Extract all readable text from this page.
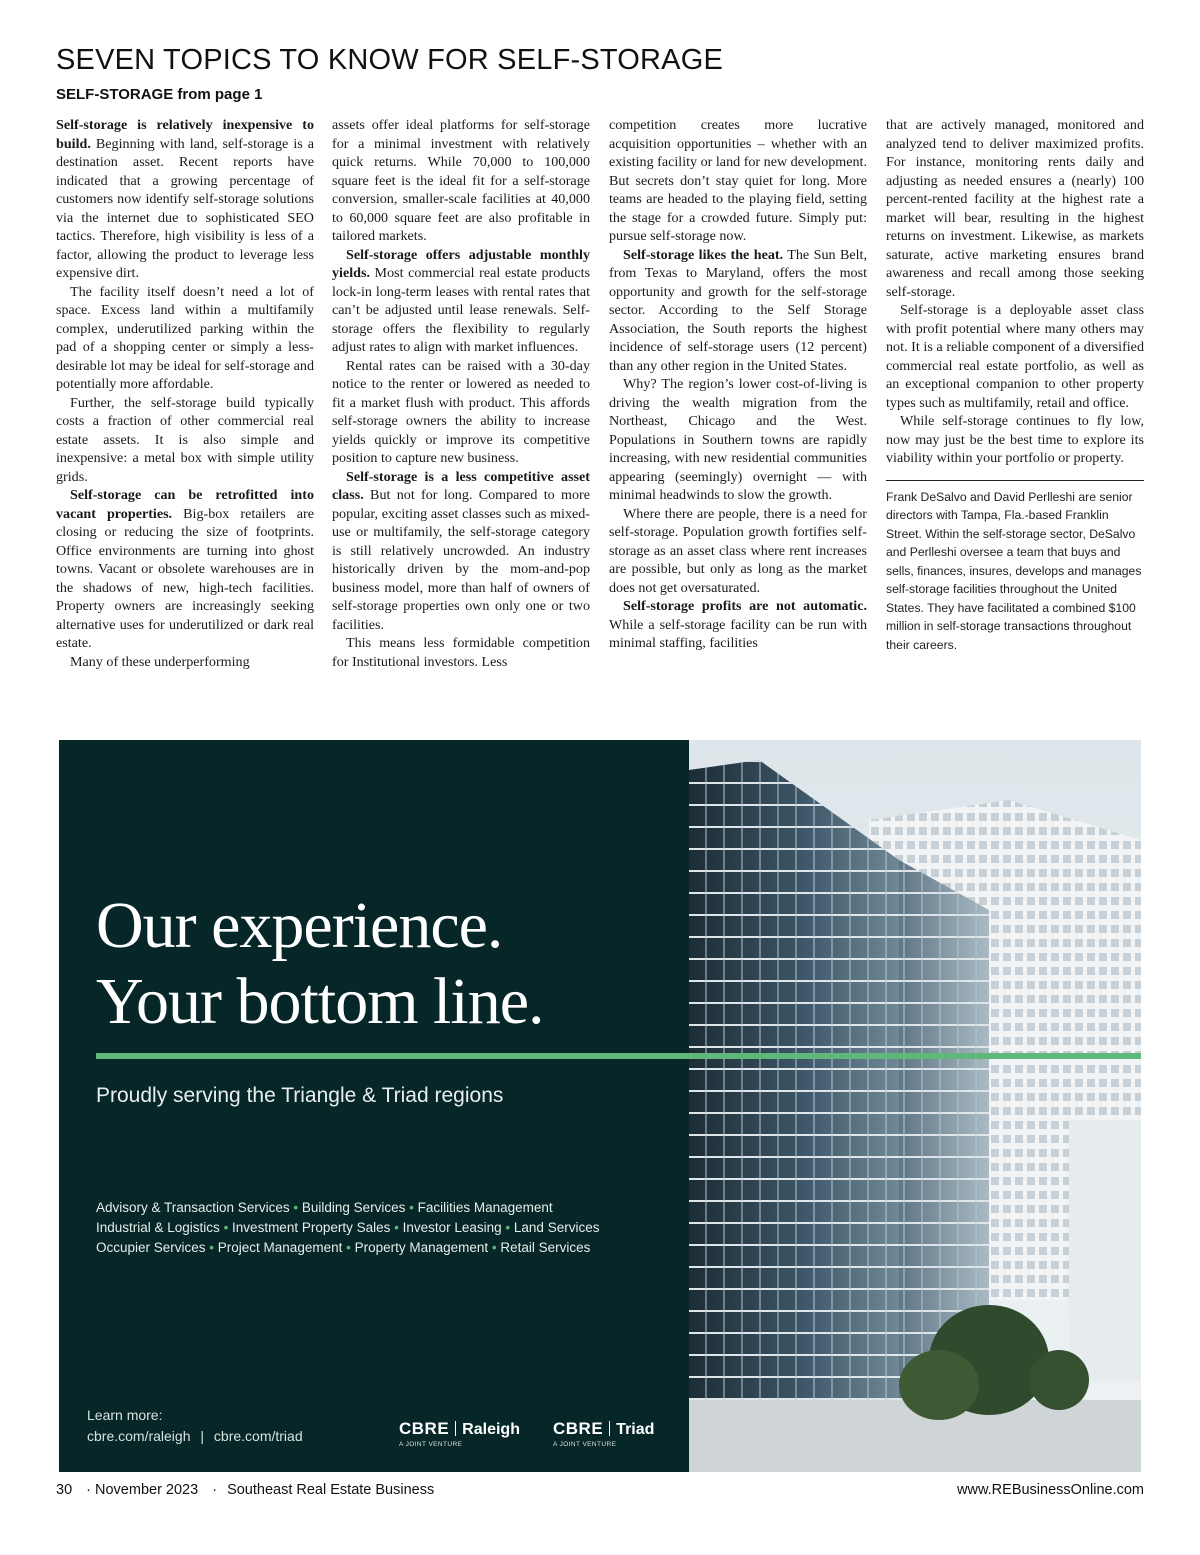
SEVEN TOPICS TO KNOW FOR SELF-STORAGE
SELF-STORAGE from page 1

Self-storage is relatively inexpensive to build. Beginning with land, self-storage is a destination asset. Recent reports have indicated that a growing percentage of customers now identify self-storage solutions via the internet due to sophisticated SEO tactics. Therefore, high visibility is less of a factor, allowing the product to leverage less expensive dirt.

The facility itself doesn’t need a lot of space. Excess land within a multifamily complex, underutilized parking within the pad of a shopping center or simply a less-desirable lot may be ideal for self-storage and potentially more affordable.

Further, the self-storage build typically costs a fraction of other commercial real estate assets. It is also simple and inexpensive: a metal box with simple utility grids.

Self-storage can be retrofitted into vacant properties. Big-box retailers are closing or reducing the size of footprints. Office environments are turning into ghost towns. Vacant or obsolete warehouses are in the shadows of new, high-tech facilities. Property owners are increasingly seeking alternative uses for underutilized or dark real estate.

Many of these underperforming

assets offer ideal platforms for self-storage for a minimal investment with relatively quick returns. While 70,000 to 100,000 square feet is the ideal fit for a self-storage conversion, smaller-scale facilities at 40,000 to 60,000 square feet are also profitable in tailored markets.

Self-storage offers adjustable monthly yields. Most commercial real estate products lock-in long-term leases with rental rates that can’t be adjusted until lease renewals. Self-storage offers the flexibility to regularly adjust rates to align with market influences.

Rental rates can be raised with a 30-day notice to the renter or lowered as needed to fit a market flush with product. This affords self-storage owners the ability to increase yields quickly or improve its competitive position to capture new business.

Self-storage is a less competitive asset class. But not for long. Compared to more popular, exciting asset classes such as mixed-use or multifamily, the self-storage category is still relatively uncrowded. An industry historically driven by the mom-and-pop business model, more than half of owners of self-storage properties own only one or two facilities.

This means less formidable competition for Institutional investors. Less

competition creates more lucrative acquisition opportunities – whether with an existing facility or land for new development. But secrets don’t stay quiet for long. More teams are headed to the playing field, setting the stage for a crowded future. Simply put: pursue self-storage now.

Self-storage likes the heat. The Sun Belt, from Texas to Maryland, offers the most opportunity and growth for the self-storage sector. According to the Self Storage Association, the South reports the highest incidence of self-storage users (12 percent) than any other region in the United States.

Why? The region’s lower cost-of-living is driving the wealth migration from the Northeast, Chicago and the West. Populations in Southern towns are rapidly increasing, with new residential communities appearing (seemingly) overnight — with minimal headwinds to slow the growth.

Where there are people, there is a need for self-storage. Population growth fortifies self-storage as an asset class where rent increases are possible, but only as long as the market does not get oversaturated.

Self-storage profits are not automatic. While a self-storage facility can be run with minimal staffing, facilities

that are actively managed, monitored and analyzed tend to deliver maximized profits. For instance, monitoring rents daily and adjusting as needed ensures a (nearly) 100 percent-rented facility at the highest rate a market will bear, resulting in the highest returns on investment. Likewise, as markets saturate, active marketing ensures brand awareness and recall among those seeking self-storage.

Self-storage is a deployable asset class with profit potential where many others may not. It is a reliable component of a diversified commercial real estate portfolio, as well as an exceptional companion to other property types such as multifamily, retail and office.

While self-storage continues to fly low, now may just be the best time to explore its viability within your portfolio or property.

Frank DeSalvo and David Perlleshi are senior directors with Tampa, Fla.-based Franklin Street. Within the self-storage sector, DeSalvo and Perlleshi oversee a team that buys and sells, finances, insures, develops and manages self-storage facilities throughout the United States. They have facilitated a combined $100 million in self-storage transactions throughout their careers.

Our experience.
Your bottom line.
Proudly serving the Triangle & Triad regions
Advisory & Transaction Services • Building Services • Facilities Management
Industrial & Logistics • Investment Property Sales • Investor Leasing • Land Services
Occupier Services • Project Management • Property Management • Retail Services
Learn more:
cbre.com/raleigh | cbre.com/triad	CBRE Raleigh
A JOINT VENTURE
CBRE Triad
A JOINT VENTURE
30 · November 2023 · Southeast Real Estate Business	www.REBusinessOnline.com
